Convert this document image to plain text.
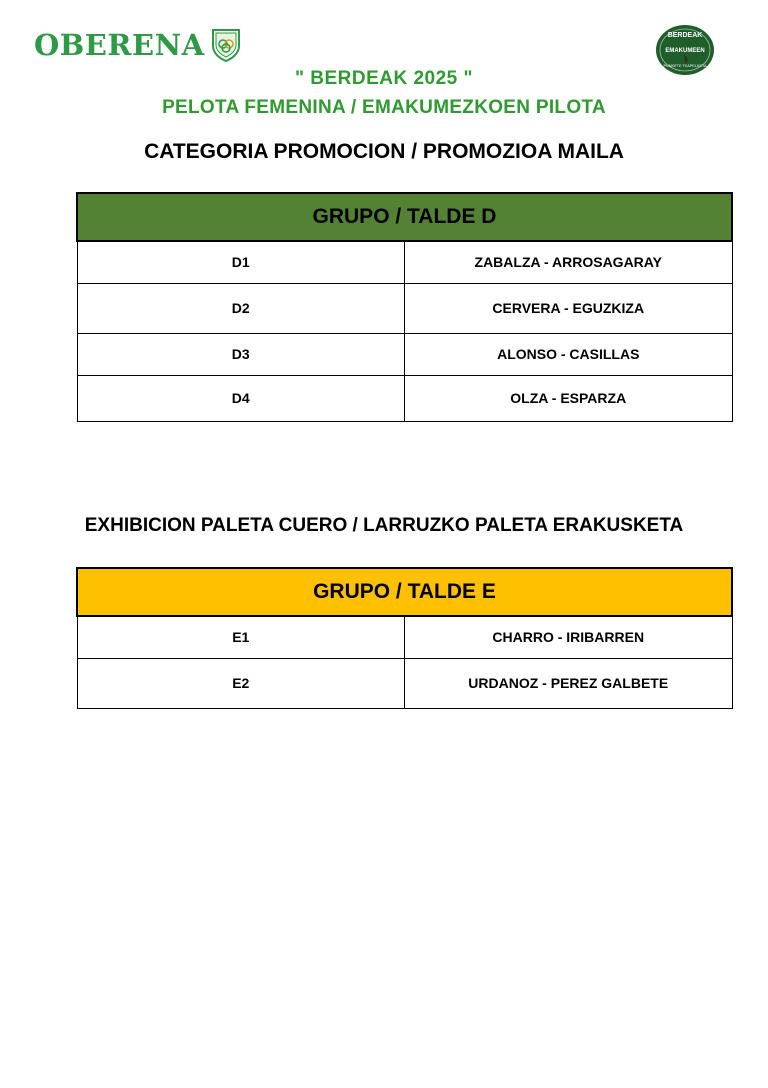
OBERENA	BERDEAK
EMAKUMEEN
PUNKETE TXAPELKETA
" BERDEAK 2025 "
PELOTA FEMENINA / EMAKUMEZKOEN PILOTA
CATEGORIA PROMOCION / PROMOZIOA MAILA
GRUPO / TALDE D	
D1	ZABALZA - ARROSAGARAY
D2	CERVERA - EGUZKIZA
D3	ALONSO - CASILLAS
D4	OLZA - ESPARZA
EXHIBICION PALETA CUERO / LARRUZKO PALETA ERAKUSKETA
GRUPO / TALDE E	
E1	CHARRO - IRIBARREN
E2	URDANOZ - PEREZ GALBETE
